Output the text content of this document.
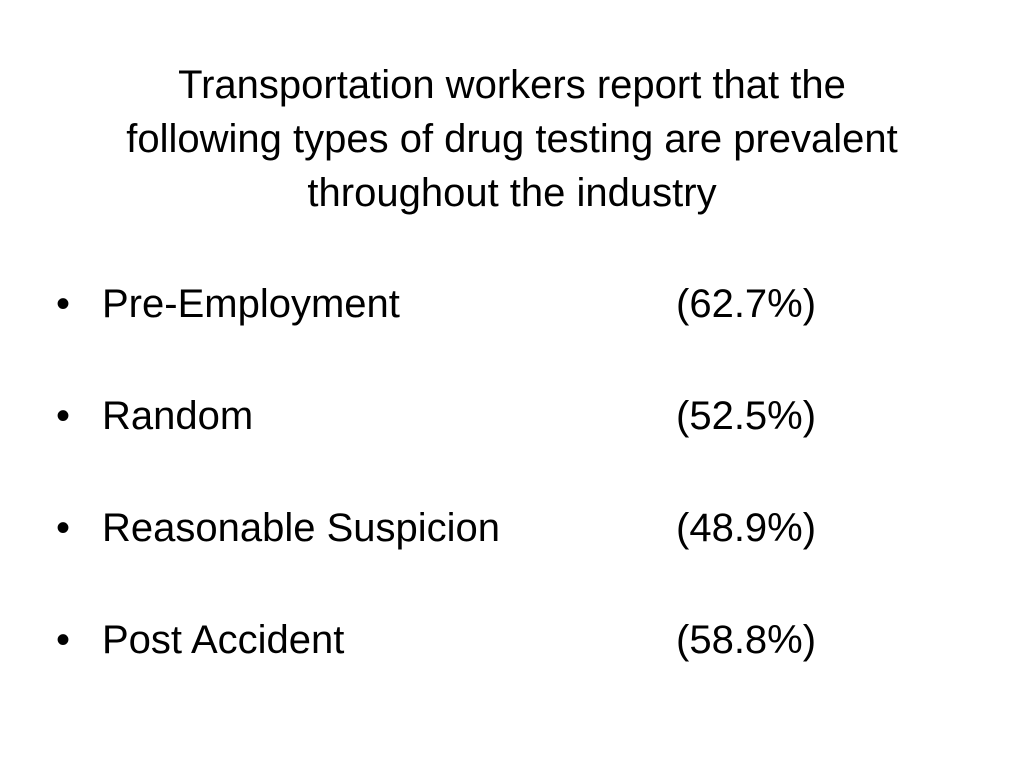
Transportation workers report that the
following types of drug testing are prevalent
throughout the industry
• Pre-Employment	(62.7%)
• Random	(52.5%)
• Reasonable Suspicion	(48.9%)
• Post Accident	(58.8%)
